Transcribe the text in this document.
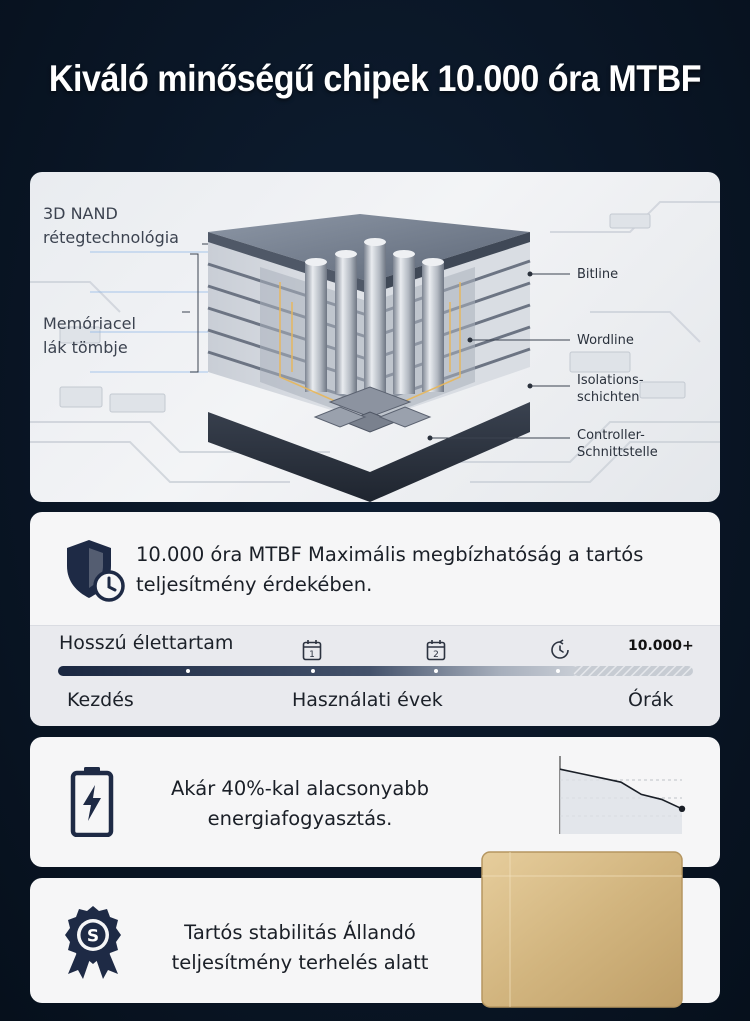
Kiváló minőségű chipek 10.000 óra MTBF
3D NAND
rétegtechnológia
Memóriacel
lák tömbje
Bitline
Wordline
Isolations-
schichten
Controller-
Schnittstelle
10.000 óra MTBF Maximális megbízhatóság a tartós teljesítmény érdekében.
Hosszú élettartam	10.000+
1	2
Kezdés	Használati évek	Órák
Akár 40%-kal alacsonyabb energiafogyasztás.
S	Tartós stabilitás Állandó teljesítmény terhelés alatt
